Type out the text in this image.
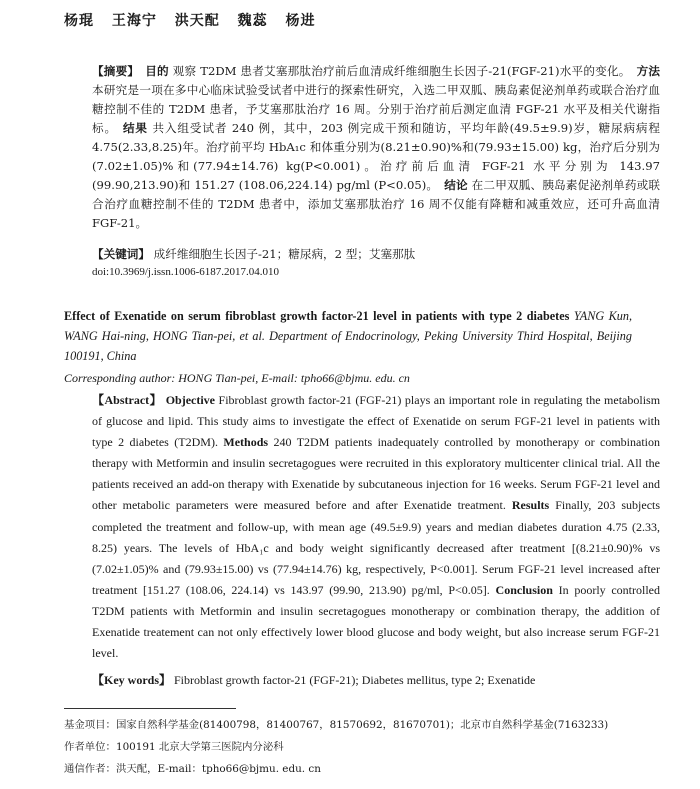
杨琨 王海宁 洪天配 魏蕊 杨进
【摘要】 目的 观察 T2DM 患者艾塞那肽治疗前后血清成纤维细胞生长因子-21(FGF-21)水平的变化。 方法 本研究是一项在多中心临床试验受试者中进行的探索性研究，入选二甲双胍、胰岛素促泌剂单药或联合治疗血糖控制不佳的 T2DM 患者，予艾塞那肽治疗 16 周。分别于治疗前后测定血清 FGF-21 水平及相关代谢指标。 结果 共入组受试者 240 例，其中，203 例完成干预和随访，平均年龄(49.5±9.9)岁，糖尿病病程 4.75(2.33,8.25)年。治疗前平均 HbA₁c 和体重分别为(8.21±0.90)%和(79.93±15.00) kg，治疗后分别为(7.02±1.05)%和(77.94±14.76) kg(P<0.001)。治疗前后血清 FGF-21 水平分别为 143.97 (99.90,213.90)和 151.27 (108.06,224.14) pg/ml (P<0.05)。 结论 在二甲双胍、胰岛素促泌剂单药或联合治疗血糖控制不佳的 T2DM 患者中，添加艾塞那肽治疗 16 周不仅能有降糖和减重效应，还可升高血清 FGF-21。
【关键词】 成纤维细胞生长因子-21；糖尿病，2 型；艾塞那肽
doi:10.3969/j.issn.1006-6187.2017.04.010
Effect of Exenatide on serum fibroblast growth factor-21 level in patients with type 2 diabetes YANG Kun, WANG Hai-ning, HONG Tian-pei, et al. Department of Endocrinology, Peking University Third Hospital, Beijing 100191, China
Corresponding author: HONG Tian-pei, E-mail: tpho66@bjmu. edu. cn
【Abstract】 Objective Fibroblast growth factor-21 (FGF-21) plays an important role in regulating the metabolism of glucose and lipid. This study aims to investigate the effect of Exenatide on serum FGF-21 level in patients with type 2 diabetes (T2DM). Methods 240 T2DM patients inadequately controlled by monotherapy or combination therapy with Metformin and insulin secretagogues were recruited in this exploratory multicenter clinical trial. All the patients received an add-on therapy with Exenatide by subcutaneous injection for 16 weeks. Serum FGF-21 level and other metabolic parameters were measured before and after Exenatide treatment. Results Finally, 203 subjects completed the treatment and follow-up, with mean age (49.5±9.9) years and median diabetes duration 4.75 (2.33, 8.25) years. The levels of HbA₁c and body weight significantly decreased after treatment [(8.21±0.90)% vs (7.02±1.05)% and (79.93±15.00) vs (77.94±14.76) kg, respectively, P<0.001]. Serum FGF-21 level increased after treatment [151.27 (108.06, 224.14) vs 143.97 (99.90, 213.90) pg/ml, P<0.05]. Conclusion In poorly controlled T2DM patients with Metformin and insulin secretagogues monotherapy or combination therapy, the addition of Exenatide treatement can not only effectively lower blood glucose and body weight, but also increase serum FGF-21 level.
【Key words】 Fibroblast growth factor-21 (FGF-21); Diabetes mellitus, type 2; Exenatide
基金项目：国家自然科学基金(81400798，81400767，81570692，81670701)；北京市自然科学基金(7163233)
作者单位：100191 北京大学第三医院内分泌科
通信作者：洪天配，E-mail：tpho66@bjmu. edu. cn
